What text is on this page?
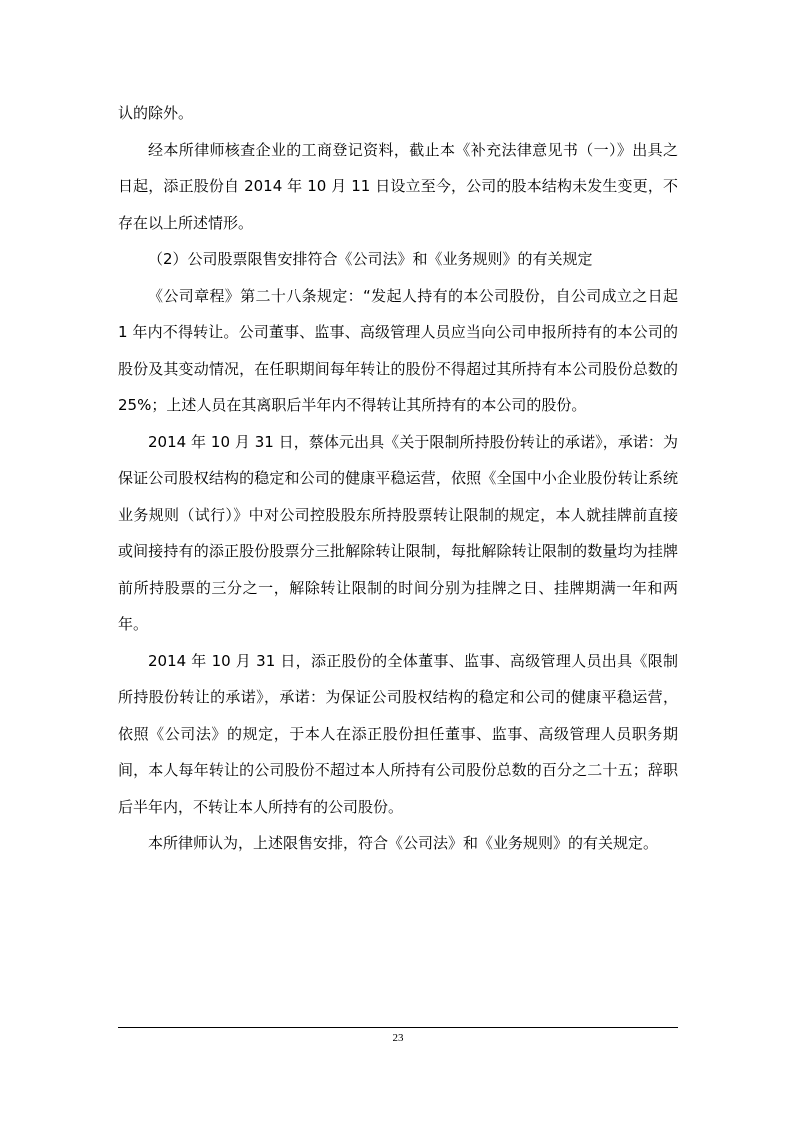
认的除外。

经本所律师核查企业的工商登记资料，截止本《补充法律意见书（一）》出具之日起，添正股份自 2014 年 10 月 11 日设立至今，公司的股本结构未发生变更，不存在以上所述情形。

（2）公司股票限售安排符合《公司法》和《业务规则》的有关规定

《公司章程》第二十八条规定：“发起人持有的本公司股份，自公司成立之日起 1 年内不得转让。公司董事、监事、高级管理人员应当向公司申报所持有的本公司的股份及其变动情况，在任职期间每年转让的股份不得超过其所持有本公司股份总数的 25%；上述人员在其离职后半年内不得转让其所持有的本公司的股份。

2014 年 10 月 31 日，蔡体元出具《关于限制所持股份转让的承诺》，承诺：为保证公司股权结构的稳定和公司的健康平稳运营，依照《全国中小企业股份转让系统业务规则（试行）》中对公司控股股东所持股票转让限制的规定，本人就挂牌前直接或间接持有的添正股份股票分三批解除转让限制，每批解除转让限制的数量均为挂牌前所持股票的三分之一，解除转让限制的时间分别为挂牌之日、挂牌期满一年和两年。

2014 年 10 月 31 日，添正股份的全体董事、监事、高级管理人员出具《限制所持股份转让的承诺》，承诺：为保证公司股权结构的稳定和公司的健康平稳运营，依照《公司法》的规定，于本人在添正股份担任董事、监事、高级管理人员职务期间，本人每年转让的公司股份不超过本人所持有公司股份总数的百分之二十五；辞职后半年内，不转让本人所持有的公司股份。

本所律师认为，上述限售安排，符合《公司法》和《业务规则》的有关规定。

23
